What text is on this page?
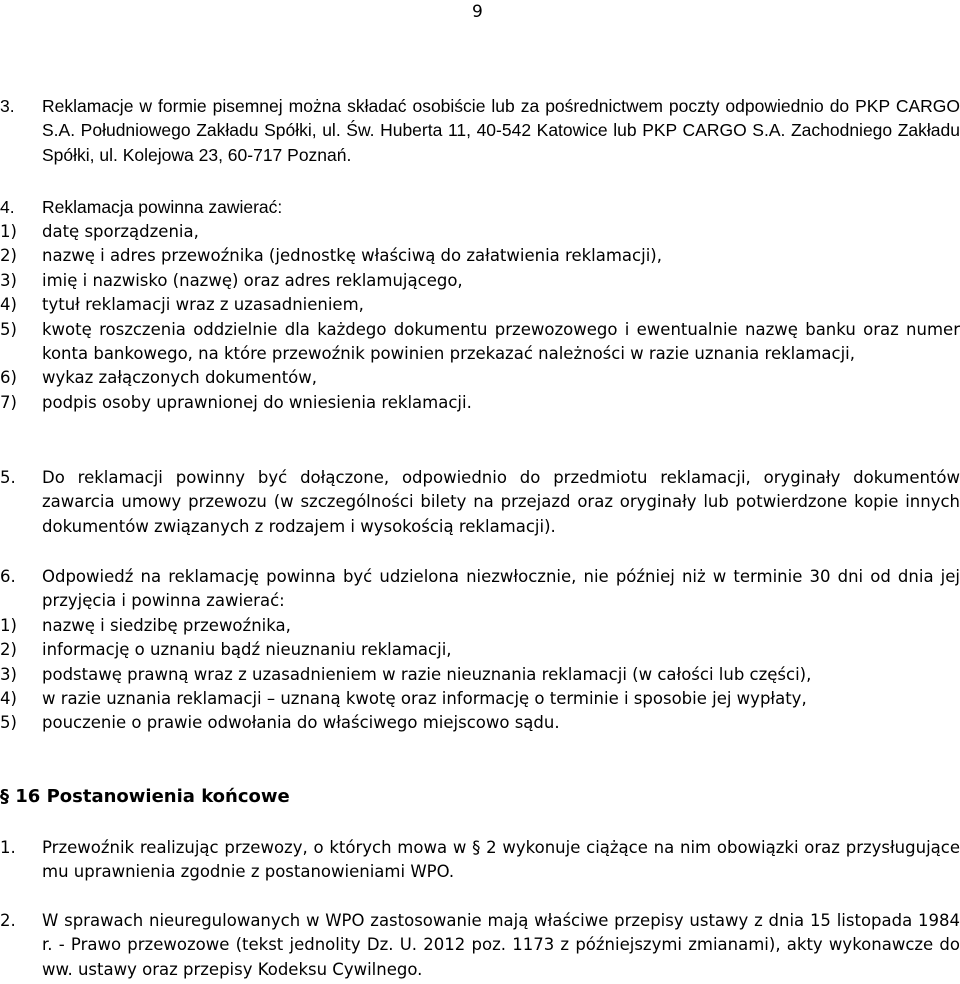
9
3. Reklamacje w formie pisemnej można składać osobiście lub za pośrednictwem poczty odpowiednio do PKP CARGO S.A. Południowego Zakładu Spółki, ul. Św. Huberta 11, 40-542 Katowice lub PKP CARGO S.A. Zachodniego Zakładu Spółki, ul. Kolejowa 23, 60-717 Poznań.
4. Reklamacja powinna zawierać:
1) datę sporządzenia,
2) nazwę i adres przewoźnika (jednostkę właściwą do załatwienia reklamacji),
3) imię i nazwisko (nazwę) oraz adres reklamującego,
4) tytuł reklamacji wraz z uzasadnieniem,
5) kwotę roszczenia oddzielnie dla każdego dokumentu przewozowego i ewentualnie nazwę banku oraz numer konta bankowego, na które przewoźnik powinien przekazać należności w razie uznania reklamacji,
6) wykaz załączonych dokumentów,
7) podpis osoby uprawnionej do wniesienia reklamacji.
5. Do reklamacji powinny być dołączone, odpowiednio do przedmiotu reklamacji, oryginały dokumentów zawarcia umowy przewozu (w szczególności bilety na przejazd oraz oryginały lub potwierdzone kopie innych dokumentów związanych z rodzajem i wysokością reklamacji).
6. Odpowiedź na reklamację powinna być udzielona niezwłocznie, nie później niż w terminie 30 dni od dnia jej przyjęcia i powinna zawierać:
1) nazwę i siedzibę przewoźnika,
2) informację o uznaniu bądź nieuznaniu reklamacji,
3) podstawę prawną wraz z uzasadnieniem w razie nieuznania reklamacji (w całości lub części),
4) w razie uznania reklamacji – uznaną kwotę oraz informację o terminie i sposobie jej wypłaty,
5) pouczenie o prawie odwołania do właściwego miejscowo sądu.
§ 16 Postanowienia końcowe
1. Przewoźnik realizując przewozy, o których mowa w § 2 wykonuje ciążące na nim obowiązki oraz przysługujące mu uprawnienia zgodnie z postanowieniami WPO.
2. W sprawach nieuregulowanych w WPO zastosowanie mają właściwe przepisy ustawy z dnia 15 listopada 1984 r. - Prawo przewozowe (tekst jednolity Dz. U. 2012 poz. 1173 z późniejszymi zmianami), akty wykonawcze do ww. ustawy oraz przepisy Kodeksu Cywilnego.
